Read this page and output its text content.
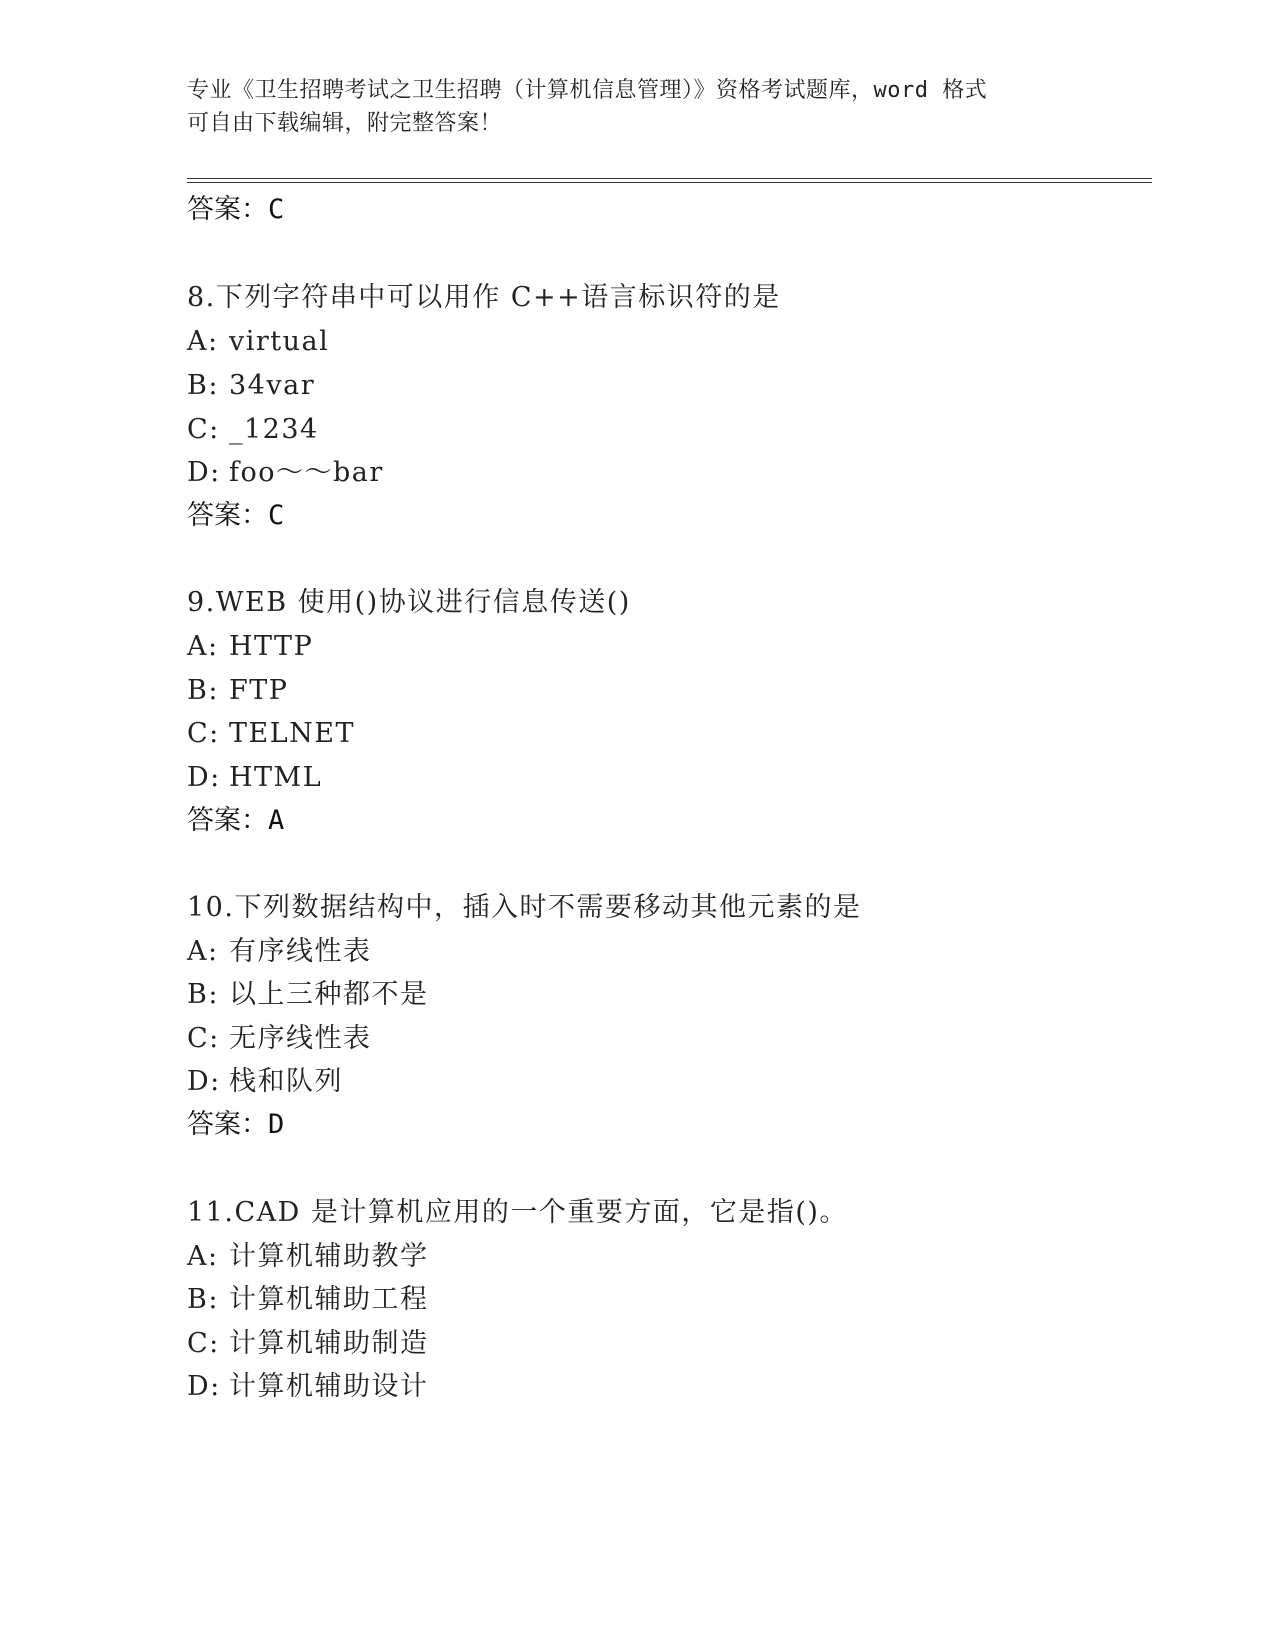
专业《卫生招聘考试之卫生招聘（计算机信息管理）》资格考试题库，word 格式
可自由下载编辑，附完整答案！
答案：C
8.下列字符串中可以用作 C++语言标识符的是
A: virtual
B: 34var
C: _1234
D: foo～～bar
答案：C
9.WEB 使用()协议进行信息传送()
A: HTTP
B: FTP
C: TELNET
D: HTML
答案：A
10.下列数据结构中，插入时不需要移动其他元素的是
A: 有序线性表
B: 以上三种都不是
C: 无序线性表
D: 栈和队列
答案：D
11.CAD 是计算机应用的一个重要方面，它是指()。
A: 计算机辅助教学
B: 计算机辅助工程
C: 计算机辅助制造
D: 计算机辅助设计
